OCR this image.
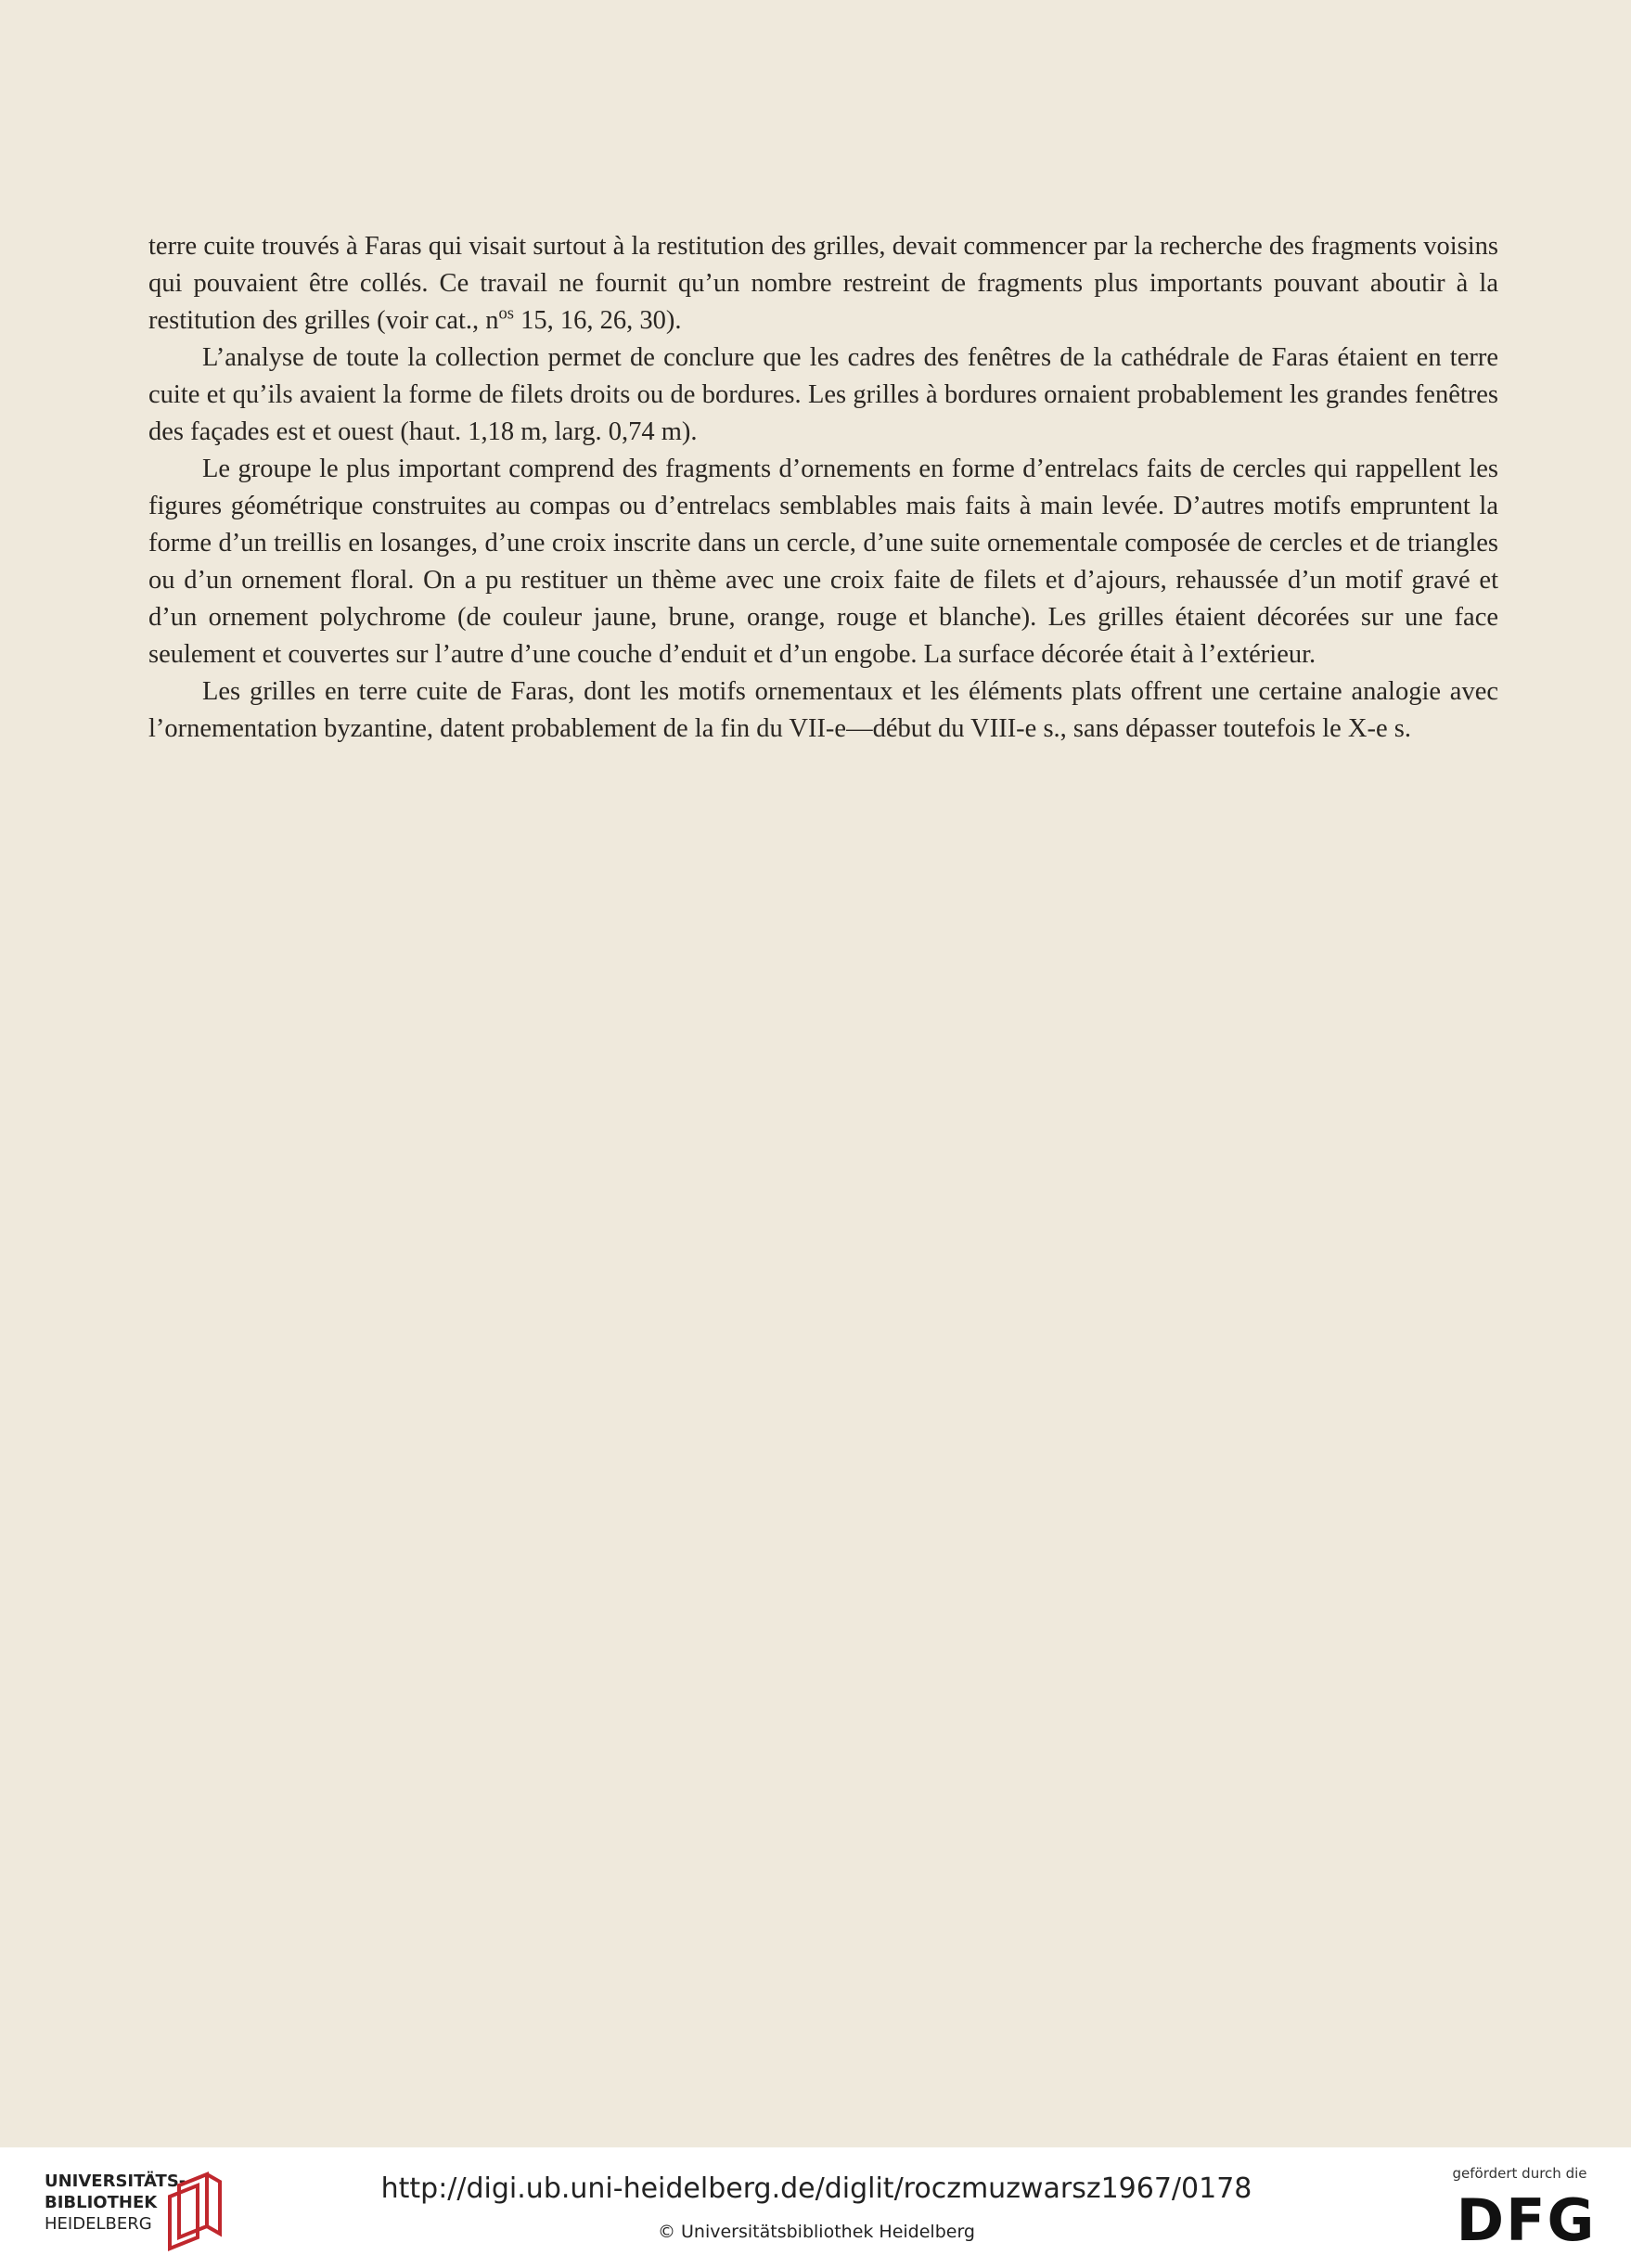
terre cuite trouvés à Faras qui visait surtout à la restitution des grilles, devait commencer par la recherche des fragments voisins qui pouvaient être collés. Ce travail ne fournit qu’un nombre restreint de fragments plus importants pouvant aboutir à la restitution des grilles (voir cat., $n^{os}$ 15, 16, 26, 30).

L’analyse de toute la collection permet de conclure que les cadres des fenêtres de la cathédrale de Faras étaient en terre cuite et qu’ils avaient la forme de filets droits ou de bordures. Les grilles à bordures ornaient probablement les grandes fenêtres des façades est et ouest (haut. 1,18 m, larg. 0,74 m).

Le groupe le plus important comprend des fragments d’ornements en forme d’entrelacs faits de cercles qui rappellent les figures géométrique construites au compas ou d’entrelacs semblables mais faits à main levée. D’autres motifs empruntent la forme d’un treillis en losanges, d’une croix inscrite dans un cercle, d’une suite ornementale composée de cercles et de triangles ou d’un ornement floral. On a pu restituer un thème avec une croix faite de filets et d’ajours, rehaussée d’un motif gravé et d’un ornement polychrome (de couleur jaune, brune, orange, rouge et blanche). Les grilles étaient décorées sur une face seulement et couvertes sur l’autre d’une couche d’enduit et d’un engobe. La surface décorée était à l’extérieur.

Les grilles en terre cuite de Faras, dont les motifs ornementaux et les éléments plats offrent une certaine analogie avec l’ornementation byzantine, datent probablement de la fin du VII-e—début du VIII-e s., sans dépasser toutefois le X-e s.

UNIVERSITÄTS-
BIBLIOTHEK
HEIDELBERG
http://digi.ub.uni-heidelberg.de/diglit/roczmuzwarsz1967/0178
© Universitätsbibliothek Heidelberg
gefördert durch die
DFG
